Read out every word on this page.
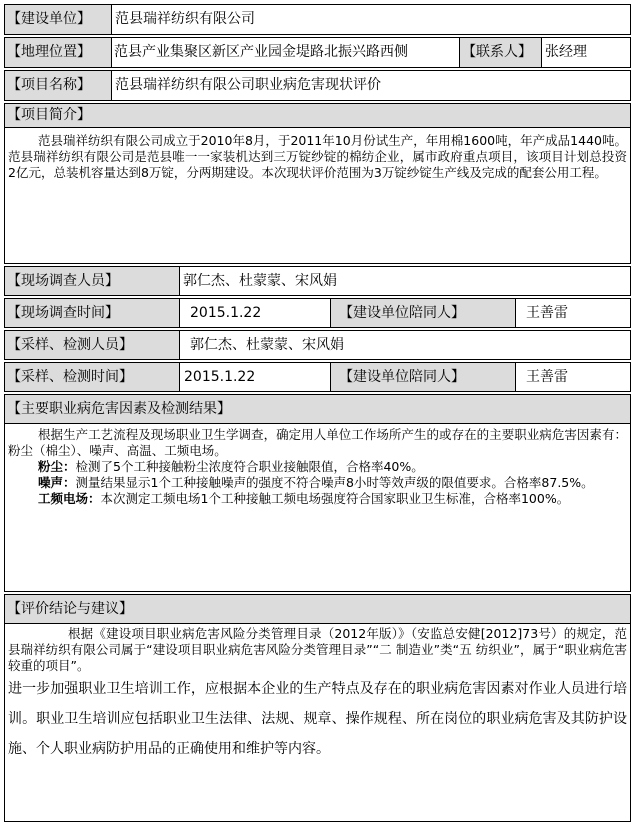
【建设单位】	范县瑞祥纺织有限公司
【地理位置】	范县产业集聚区新区产业园金堤路北振兴路西侧	【联系人】 张经理
【项目名称】	范县瑞祥纺织有限公司职业病危害现状评价
【项目简介】

范县瑞祥纺织有限公司成立于2010年8月，于2011年10月份试生产，年用棉1600吨，年产成品1440吨。范县瑞祥纺织有限公司是范县唯一一家装机达到三万锭纱锭的棉纺企业，属市政府重点项目，该项目计划总投资2亿元，总装机容量达到8万锭，分两期建设。本次现状评价范围为3万锭纱锭生产线及完成的配套公用工程。

【现场调查人员】	郭仁杰、杜蒙蒙、宋风娟
【现场调查时间】	2015.1.22	【建设单位陪同人】	王善雷
【采样、检测人员】	郭仁杰、杜蒙蒙、宋风娟
【采样、检测时间】	2015.1.22	【建设单位陪同人】	王善雷
【主要职业病危害因素及检测结果】

根据生产工艺流程及现场职业卫生学调查，确定用人单位工作场所产生的或存在的主要职业病危害因素有：粉尘（棉尘）、噪声、高温、工频电场。

粉尘：检测了5个工种接触粉尘浓度符合职业接触限值，合格率40%。

噪声：测量结果显示1个工种接触噪声的强度不符合噪声8小时等效声级的限值要求。合格率87.5%。

工频电场：本次测定工频电场1个工种接触工频电场强度符合国家职业卫生标准，合格率100%。

【评价结论与建议】

根据《建设项目职业病危害风险分类管理目录（2012年版）》（安监总安健[2012]73号）的规定，范县瑞祥纺织有限公司属于“建设项目职业病危害风险分类管理目录”“二 制造业”类“五 纺织业”，属于“职业病危害较重的项目”。

进一步加强职业卫生培训工作，应根据本企业的生产特点及存在的职业病危害因素对作业人员进行培训。职业卫生培训应包括职业卫生法律、法规、规章、操作规程、所在岗位的职业病危害及其防护设施、个人职业病防护用品的正确使用和维护等内容。
